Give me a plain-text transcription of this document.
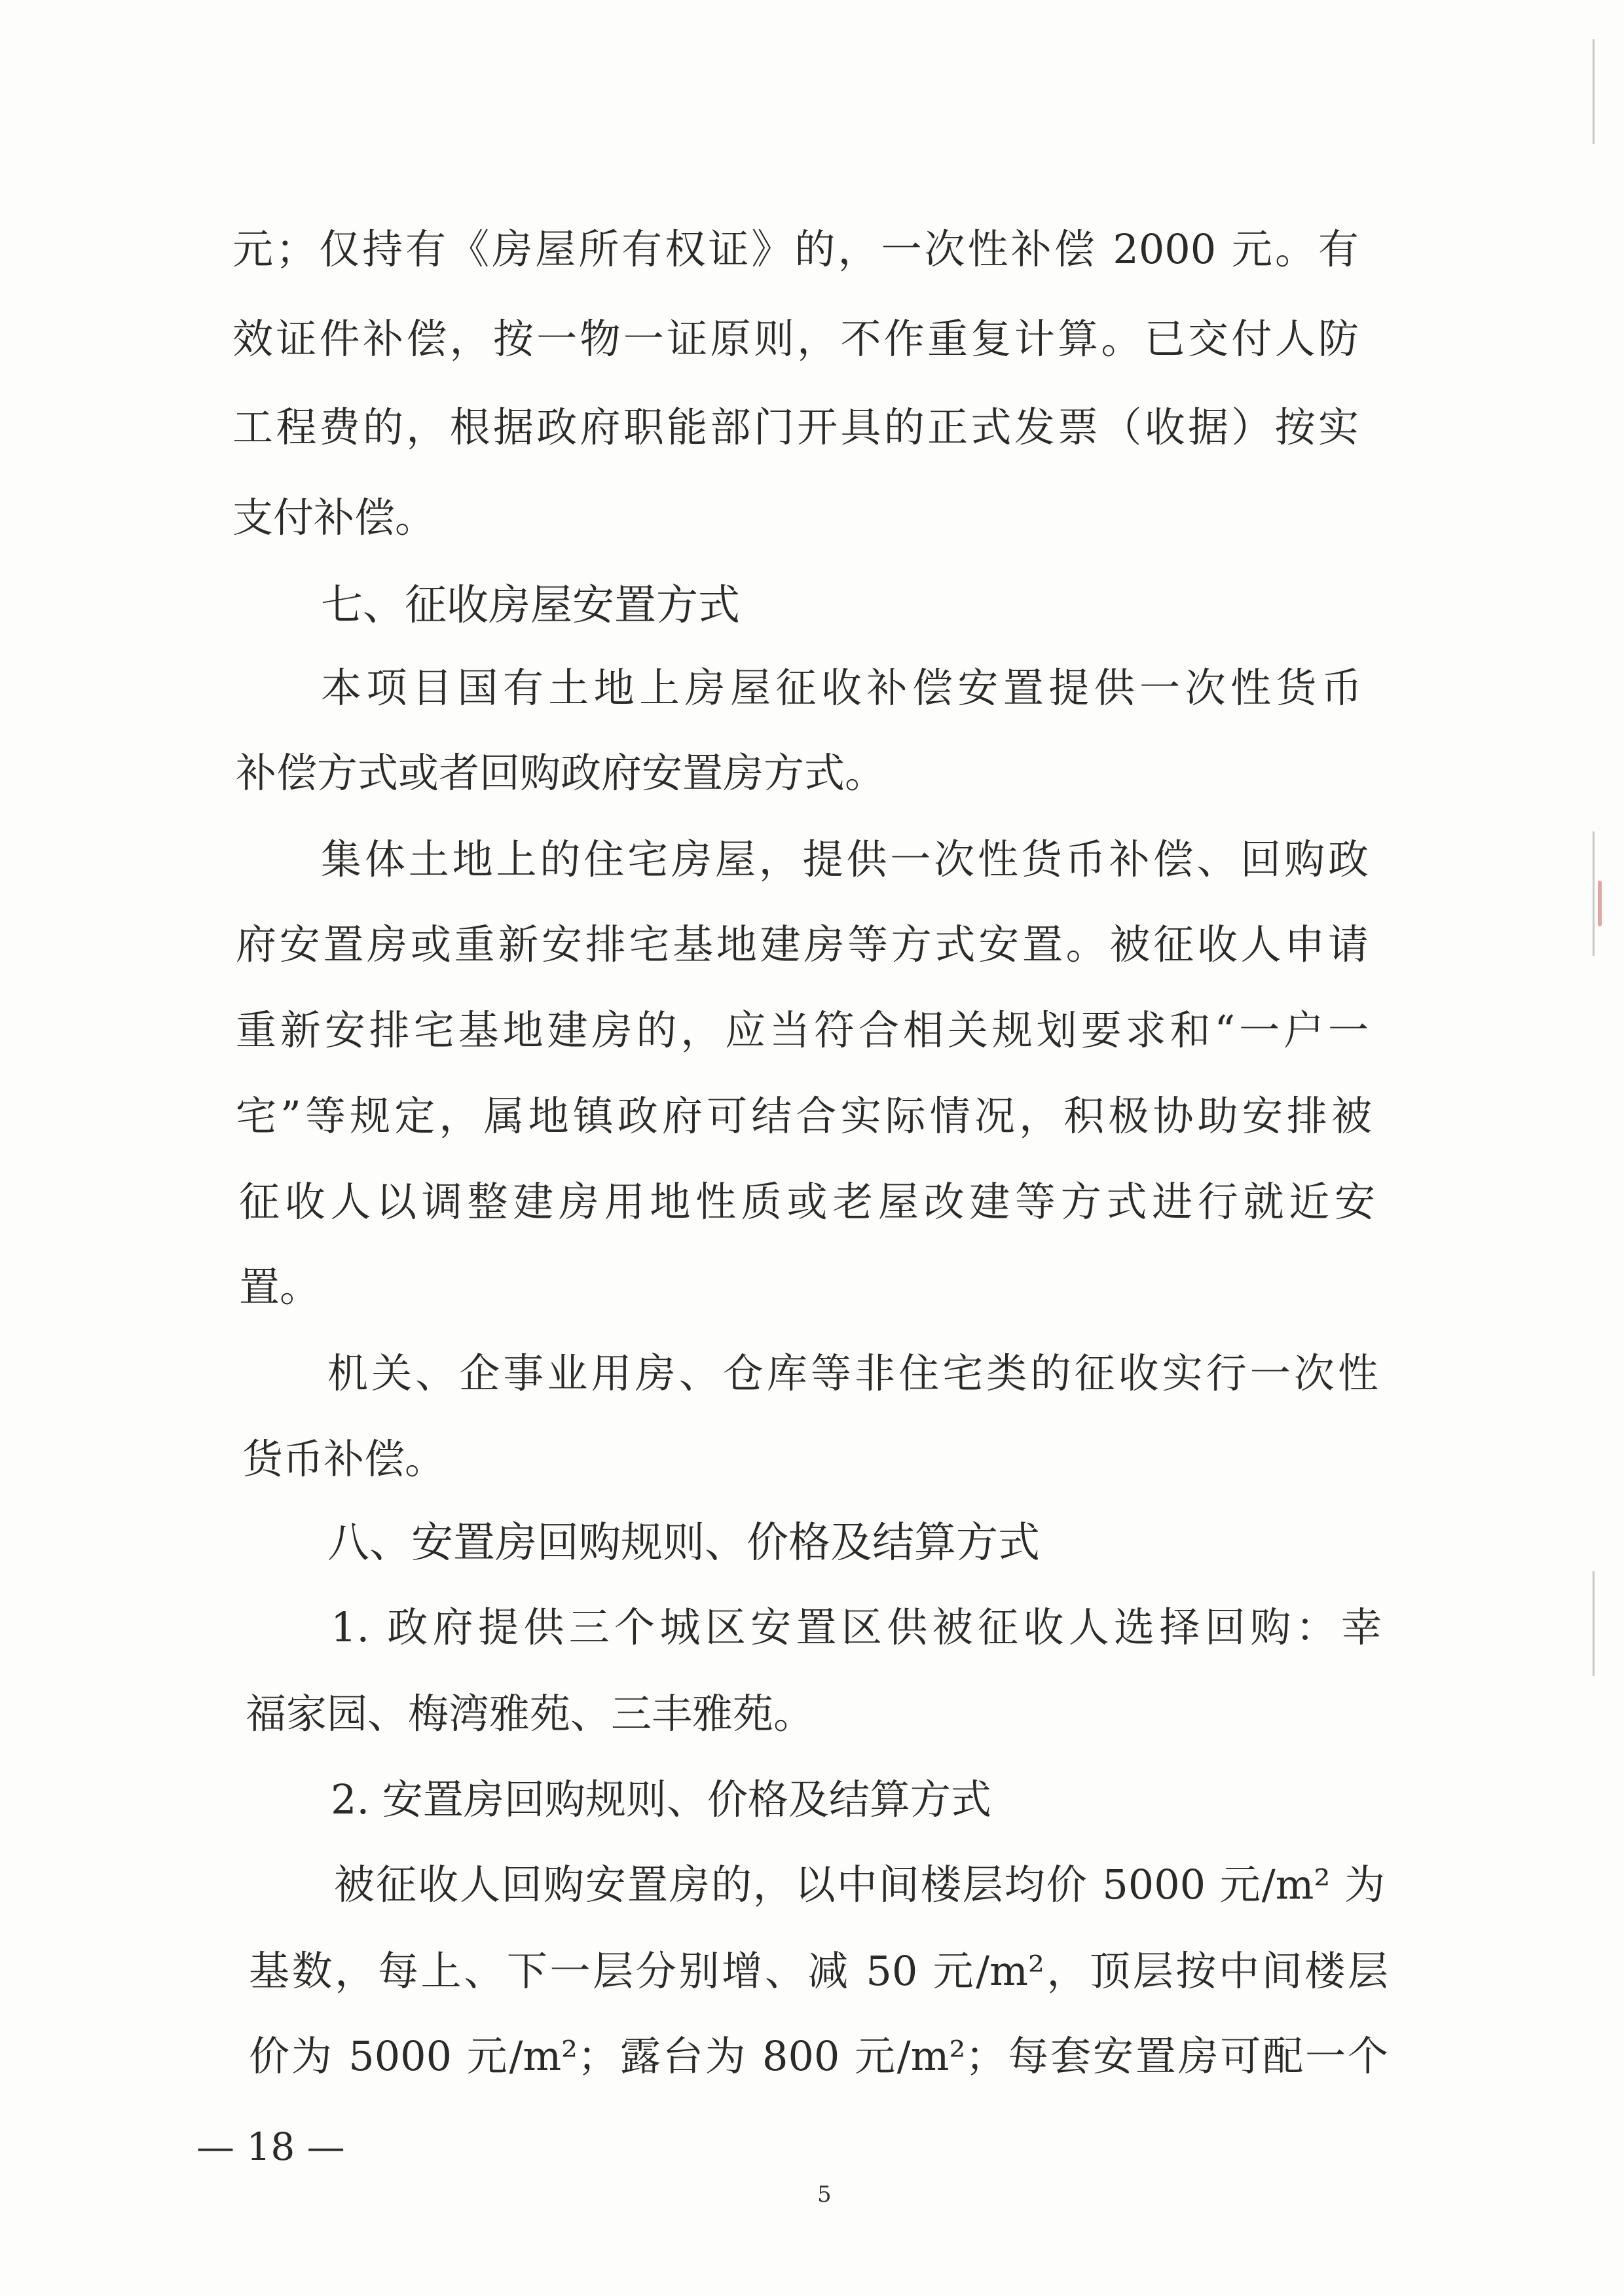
元；仅持有《房屋所有权证》的，一次性补偿 2000 元。有
效证件补偿，按一物一证原则，不作重复计算。已交付人防
工程费的，根据政府职能部门开具的正式发票（收据）按实
支付补偿。
七、征收房屋安置方式
本项目国有土地上房屋征收补偿安置提供一次性货币
补偿方式或者回购政府安置房方式。
集体土地上的住宅房屋，提供一次性货币补偿、回购政
府安置房或重新安排宅基地建房等方式安置。被征收人申请
重新安排宅基地建房的，应当符合相关规划要求和“一户一
宅”等规定，属地镇政府可结合实际情况，积极协助安排被
征收人以调整建房用地性质或老屋改建等方式进行就近安
置。
机关、企事业用房、仓库等非住宅类的征收实行一次性
货币补偿。
八、安置房回购规则、价格及结算方式
1. 政府提供三个城区安置区供被征收人选择回购：幸
福家园、梅湾雅苑、三丰雅苑。
2. 安置房回购规则、价格及结算方式
被征收人回购安置房的，以中间楼层均价 5000 元/m² 为
基数，每上、下一层分别增、减 50 元/m²，顶层按中间楼层
价为 5000 元/m²；露台为 800 元/m²；每套安置房可配一个
— 18 —
5
